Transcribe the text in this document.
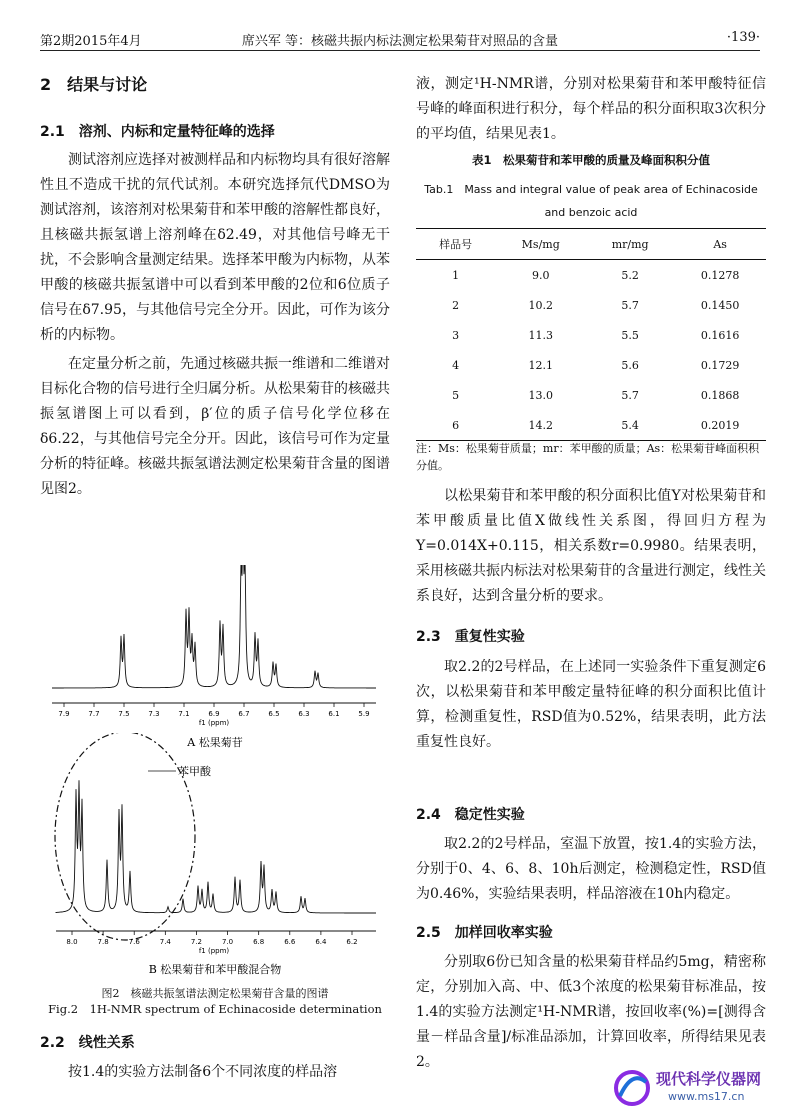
第2期2015年4月	席兴军 等：核磁共振内标法测定松果菊苷对照品的含量	·139·
2　结果与讨论
2.1　溶剂、内标和定量特征峰的选择

测试溶剂应选择对被测样品和内标物均具有很好溶解性且不造成干扰的氘代试剂。本研究选择氘代DMSO为测试溶剂，该溶剂对松果菊苷和苯甲酸的溶解性都良好，且核磁共振氢谱上溶剂峰在δ2.49，对其他信号峰无干扰，不会影响含量测定结果。选择苯甲酸为内标物，从苯甲酸的核磁共振氢谱中可以看到苯甲酸的2位和6位质子信号在δ7.95，与其他信号完全分开。因此，可作为该分析的内标物。

在定量分析之前，先通过核磁共振一维谱和二维谱对目标化合物的信号进行全归属分析。从松果菊苷的核磁共振氢谱图上可以看到，β′位的质子信号化学位移在δ6.22，与其他信号完全分开。因此，该信号可作为定量分析的特征峰。核磁共振氢谱法测定松果菊苷含量的图谱见图2。

7.9	7.7	7.5	7.3	7.1	6.9	6.7	6.5	6.3	6.1	5.9
f1 (ppm)
A 松果菊苷
苯甲酸
8.0	7.8	7.6	7.4	7.2	7.0	6.8	6.6	6.4	6.2
f1 (ppm)
B 松果菊苷和苯甲酸混合物
图2　核磁共振氢谱法测定松果菊苷含量的图谱
Fig.2　1H-NMR spectrum of Echinacoside determination
2.2　线性关系

按1.4的实验方法制备6个不同浓度的样品溶

液，测定¹H-NMR谱，分别对松果菊苷和苯甲酸特征信号峰的峰面积进行积分，每个样品的积分面积取3次积分的平均值，结果见表1。

表1　松果菊苷和苯甲酸的质量及峰面积积分值
Tab.1　Mass and integral value of peak area of Echinacoside
and benzoic acid
样品号	Ms/mg	mr/mg	As
1	9.0	5.2	0.1278
2	10.2	5.7	0.1450
3	11.3	5.5	0.1616
4	12.1	5.6	0.1729
5	13.0	5.7	0.1868
6	14.2	5.4	0.2019
注：Ms：松果菊苷质量；mr：苯甲酸的质量；As：松果菊苷峰面积积分值。

以松果菊苷和苯甲酸的积分面积比值Y对松果菊苷和苯甲酸质量比值X做线性关系图，得回归方程为Y=0.014X+0.115，相关系数r=0.9980。结果表明，采用核磁共振内标法对松果菊苷的含量进行测定，线性关系良好，达到含量分析的要求。

2.3　重复性实验

取2.2的2号样品，在上述同一实验条件下重复测定6次，以松果菊苷和苯甲酸定量特征峰的积分面积比值计算，检测重复性，RSD值为0.52%，结果表明，此方法重复性良好。

2.4　稳定性实验

取2.2的2号样品，室温下放置，按1.4的实验方法，分别于0、4、6、8、10h后测定，检测稳定性，RSD值为0.46%，实验结果表明，样品溶液在10h内稳定。

2.5　加样回收率实验

分别取6份已知含量的松果菊苷样品约5mg，精密称定，分别加入高、中、低3个浓度的松果菊苷标准品，按1.4的实验方法测定¹H-NMR谱，按回收率(%)=[测得含量－样品含量]/标准品添加，计算回收率，所得结果见表2。

现代科学仪器网
www.ms17.cn
